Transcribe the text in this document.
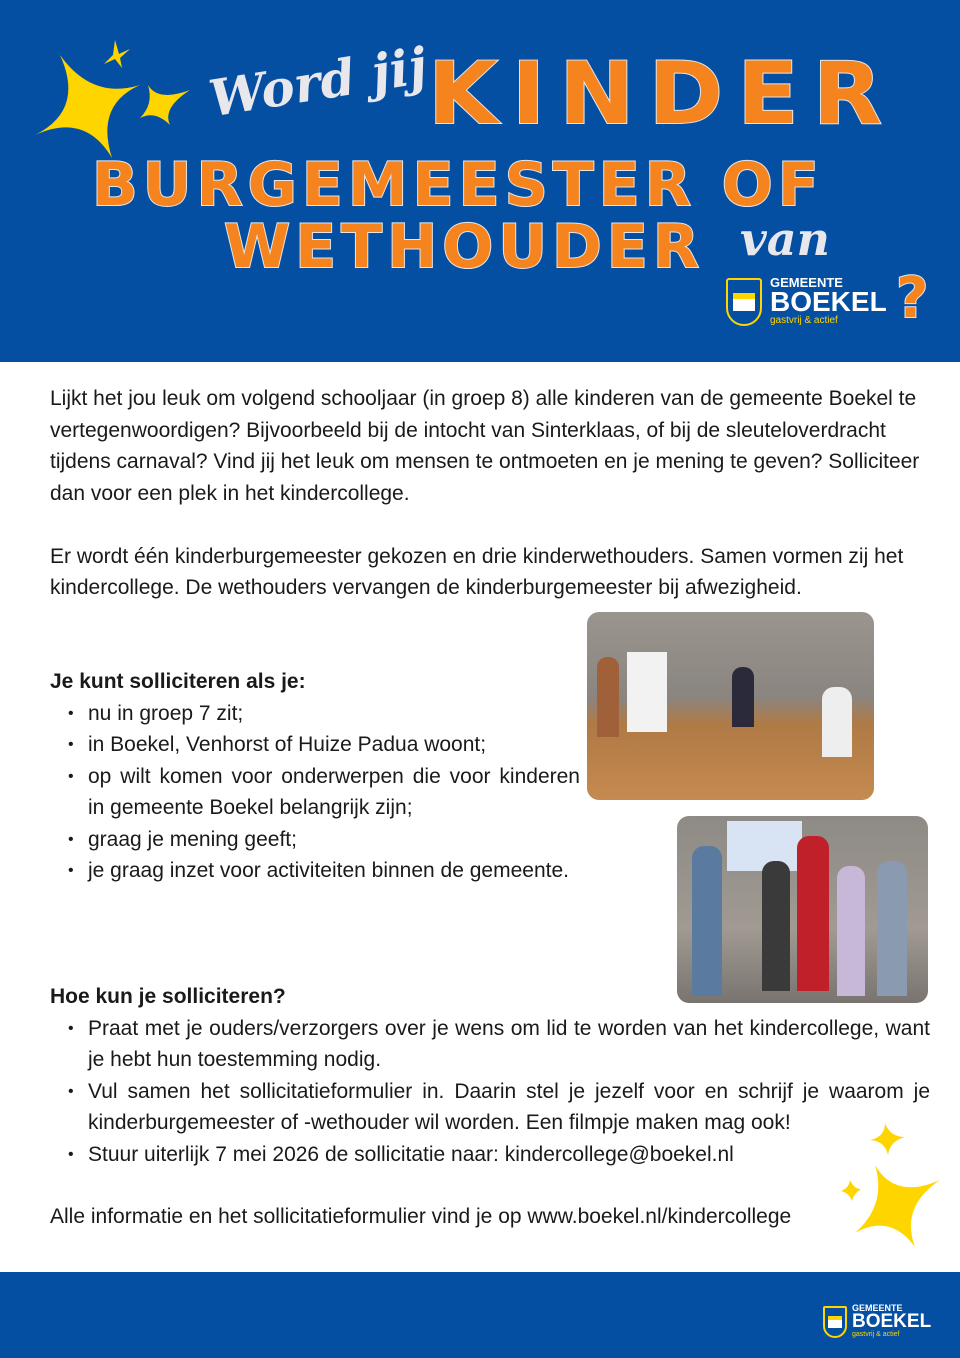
Word jij
KINDER
BURGEMEESTER OF
WETHOUDER van
GEMEENTE
BOEKEL
gastvrij & actief	?

Lijkt het jou leuk om volgend schooljaar (in groep 8) alle kinderen van de gemeente Boekel te vertegenwoordigen? Bijvoorbeeld bij de intocht van Sinterklaas, of bij de sleuteloverdracht tijdens carnaval? Vind jij het leuk om mensen te ontmoeten en je mening te geven? Solliciteer dan voor een plek in het kindercollege.

Er wordt één kinderburgemeester gekozen en drie kinderwethouders. Samen vormen zij het kindercollege. De wethouders vervangen de kinderburgemeester bij afwezigheid.

Je kunt solliciteren als je:
• nu in groep 7 zit;
• in Boekel, Venhorst of Huize Padua woont;
• op wilt komen voor onderwerpen die voor kinderen in gemeente Boekel belangrijk zijn;
• graag je mening geeft;
• je graag inzet voor activiteiten binnen de gemeente.
Hoe kun je solliciteren?
• Praat met je ouders/verzorgers over je wens om lid te worden van het kindercollege, want je hebt hun toestemming nodig.
• Vul samen het sollicitatieformulier in. Daarin stel je jezelf voor en schrijf je waarom je kinderburgemeester of -wethouder wil worden. Een filmpje maken mag ook!
• Stuur uiterlijk 7 mei 2026 de sollicitatie naar: kindercollege@boekel.nl

Alle informatie en het sollicitatieformulier vind je op www.boekel.nl/kindercollege

GEMEENTE
BOEKEL
gastvrij & actief
